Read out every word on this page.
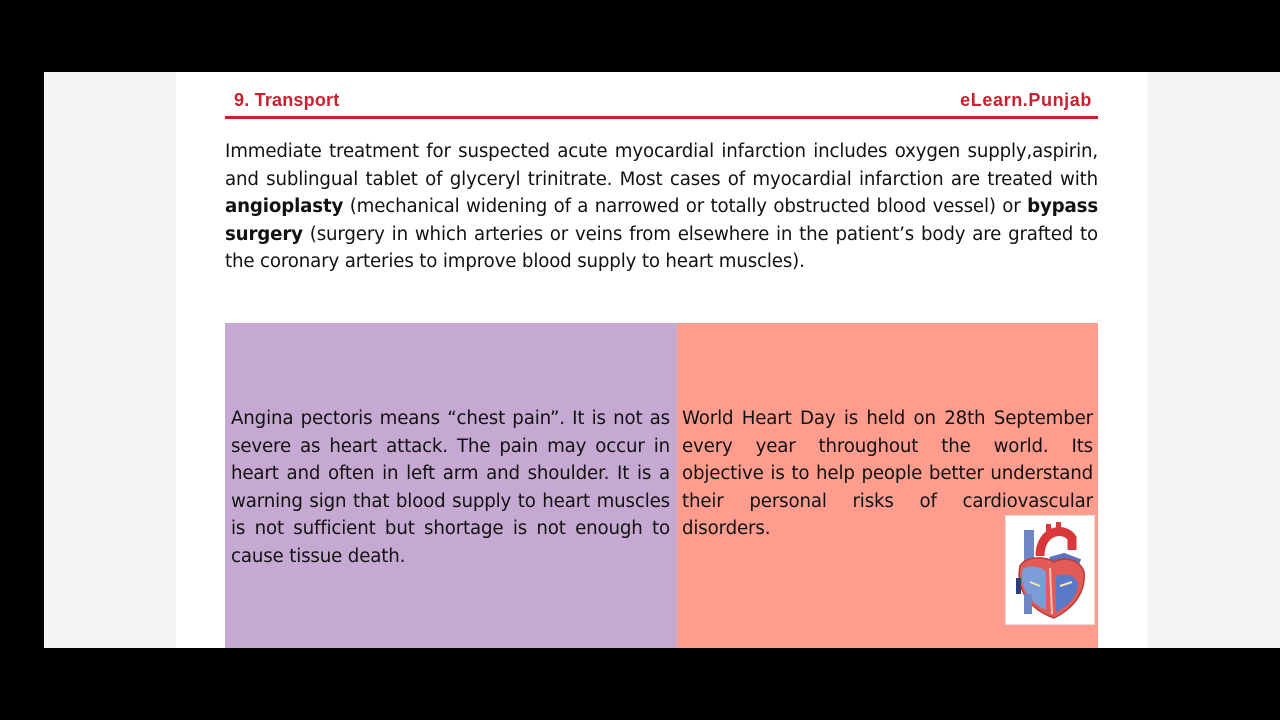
9. Transport	eLearn.Punjab

Immediate treatment for suspected acute myocardial infarction includes oxygen supply,aspirin, and sublingual tablet of glyceryl trinitrate. Most cases of myocardial infarction are treated with angioplasty (mechanical widening of a narrowed or totally obstructed blood vessel) or bypass surgery (surgery in which arteries or veins from elsewhere in the patient’s body are grafted to the coronary arteries to improve blood supply to heart muscles).

Angina pectoris means “chest pain”. It is not as severe as heart attack. The pain may occur in heart and often in left arm and shoulder. It is a warning sign that blood supply to heart muscles is not sufficient but shortage is not enough to cause tissue death.

World Heart Day is held on 28th September every year throughout the world. Its objective is to help people better understand their personal risks of cardiovascular disorders.
